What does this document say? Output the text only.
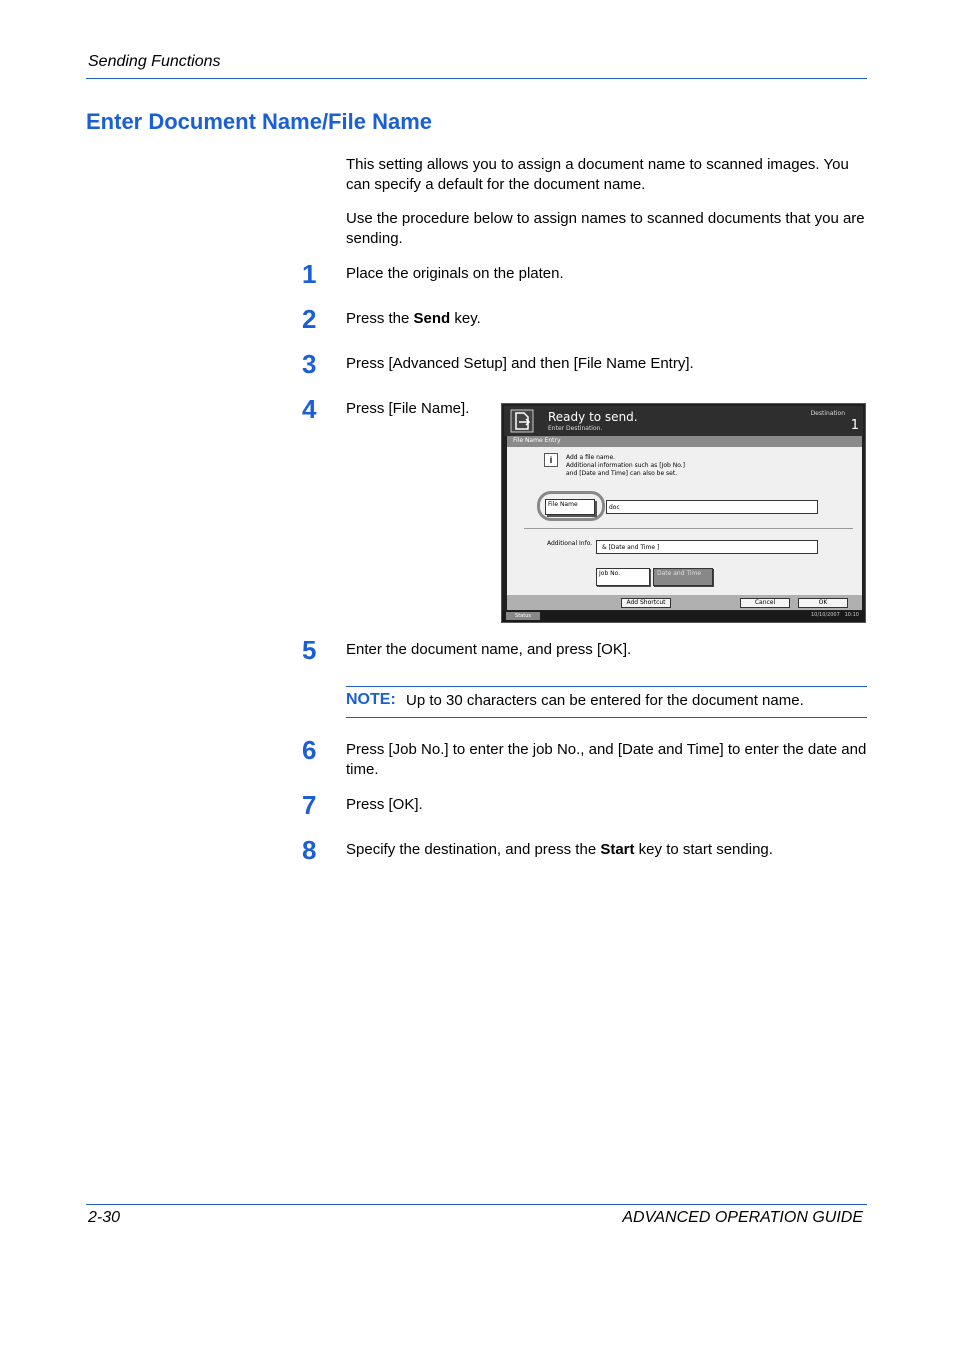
Sending Functions
Enter Document Name/File Name
This setting allows you to assign a document name to scanned images. You can specify a default for the document name.
Use the procedure below to assign names to scanned documents that you are sending.
1 Place the originals on the platen.
2 Press the Send key.
3 Press [Advanced Setup] and then [File Name Entry].
4 Press [File Name].	Ready to send.
Enter Destination.
Destination
1
File Name Entry
i	Add a file name.
Additional information such as [Job No.]
and [Date and Time] can also be set.
File Name	doc
Additional Info.
& [Date and Time ]
Job No.	Date and Time
Add Shortcut	Cancel	OK
Status	10/10/2007 10:10
5 Enter the document name, and press [OK].
NOTE: Up to 30 characters can be entered for the document name.
6 Press [Job No.] to enter the job No., and [Date and Time] to enter the date and time.
7 Press [OK].
8 Specify the destination, and press the Start key to start sending.
2-30	ADVANCED OPERATION GUIDE
